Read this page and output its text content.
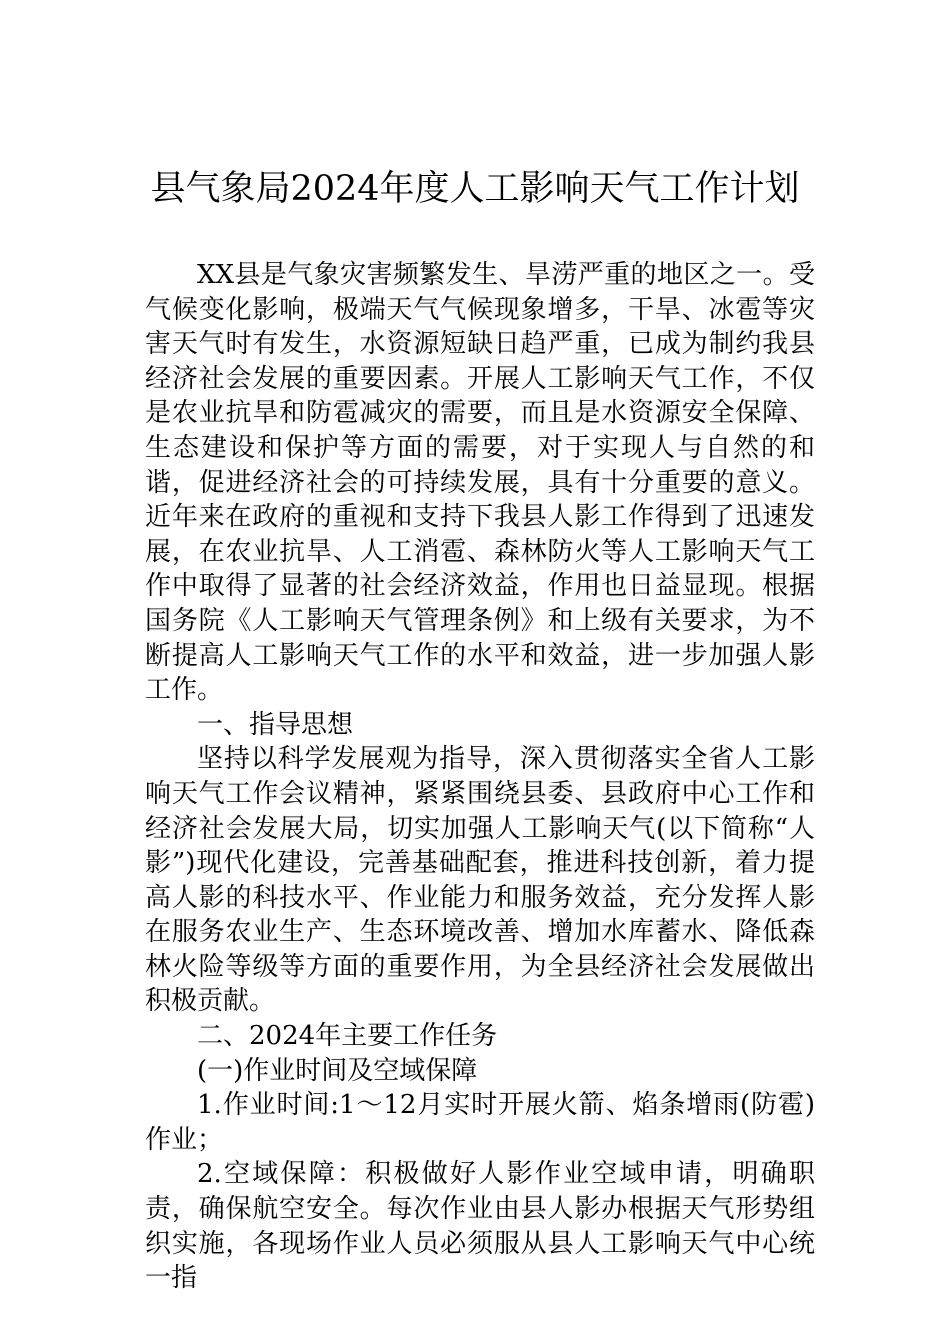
县气象局2024年度人工影响天气工作计划

XX县是气象灾害频繁发生、旱涝严重的地区之一。受气候变化影响，极端天气气候现象增多，干旱、冰雹等灾害天气时有发生，水资源短缺日趋严重，已成为制约我县经济社会发展的重要因素。开展人工影响天气工作，不仅是农业抗旱和防雹减灾的需要，而且是水资源安全保障、生态建设和保护等方面的需要，对于实现人与自然的和谐，促进经济社会的可持续发展，具有十分重要的意义。近年来在政府的重视和支持下我县人影工作得到了迅速发展，在农业抗旱、人工消雹、森林防火等人工影响天气工作中取得了显著的社会经济效益，作用也日益显现。根据国务院《人工影响天气管理条例》和上级有关要求，为不断提高人工影响天气工作的水平和效益，进一步加强人影工作。

一、指导思想

坚持以科学发展观为指导，深入贯彻落实全省人工影响天气工作会议精神，紧紧围绕县委、县政府中心工作和经济社会发展大局，切实加强人工影响天气(以下简称“人影”)现代化建设，完善基础配套，推进科技创新，着力提高人影的科技水平、作业能力和服务效益，充分发挥人影在服务农业生产、生态环境改善、增加水库蓄水、降低森林火险等级等方面的重要作用，为全县经济社会发展做出积极贡献。

二、2024年主要工作任务

(一)作业时间及空域保障

1.作业时间:1～12月实时开展火箭、焰条增雨(防雹)作业；

2.空域保障：积极做好人影作业空域申请，明确职责，确保航空安全。每次作业由县人影办根据天气形势组织实施，各现场作业人员必须服从县人工影响天气中心统一指
